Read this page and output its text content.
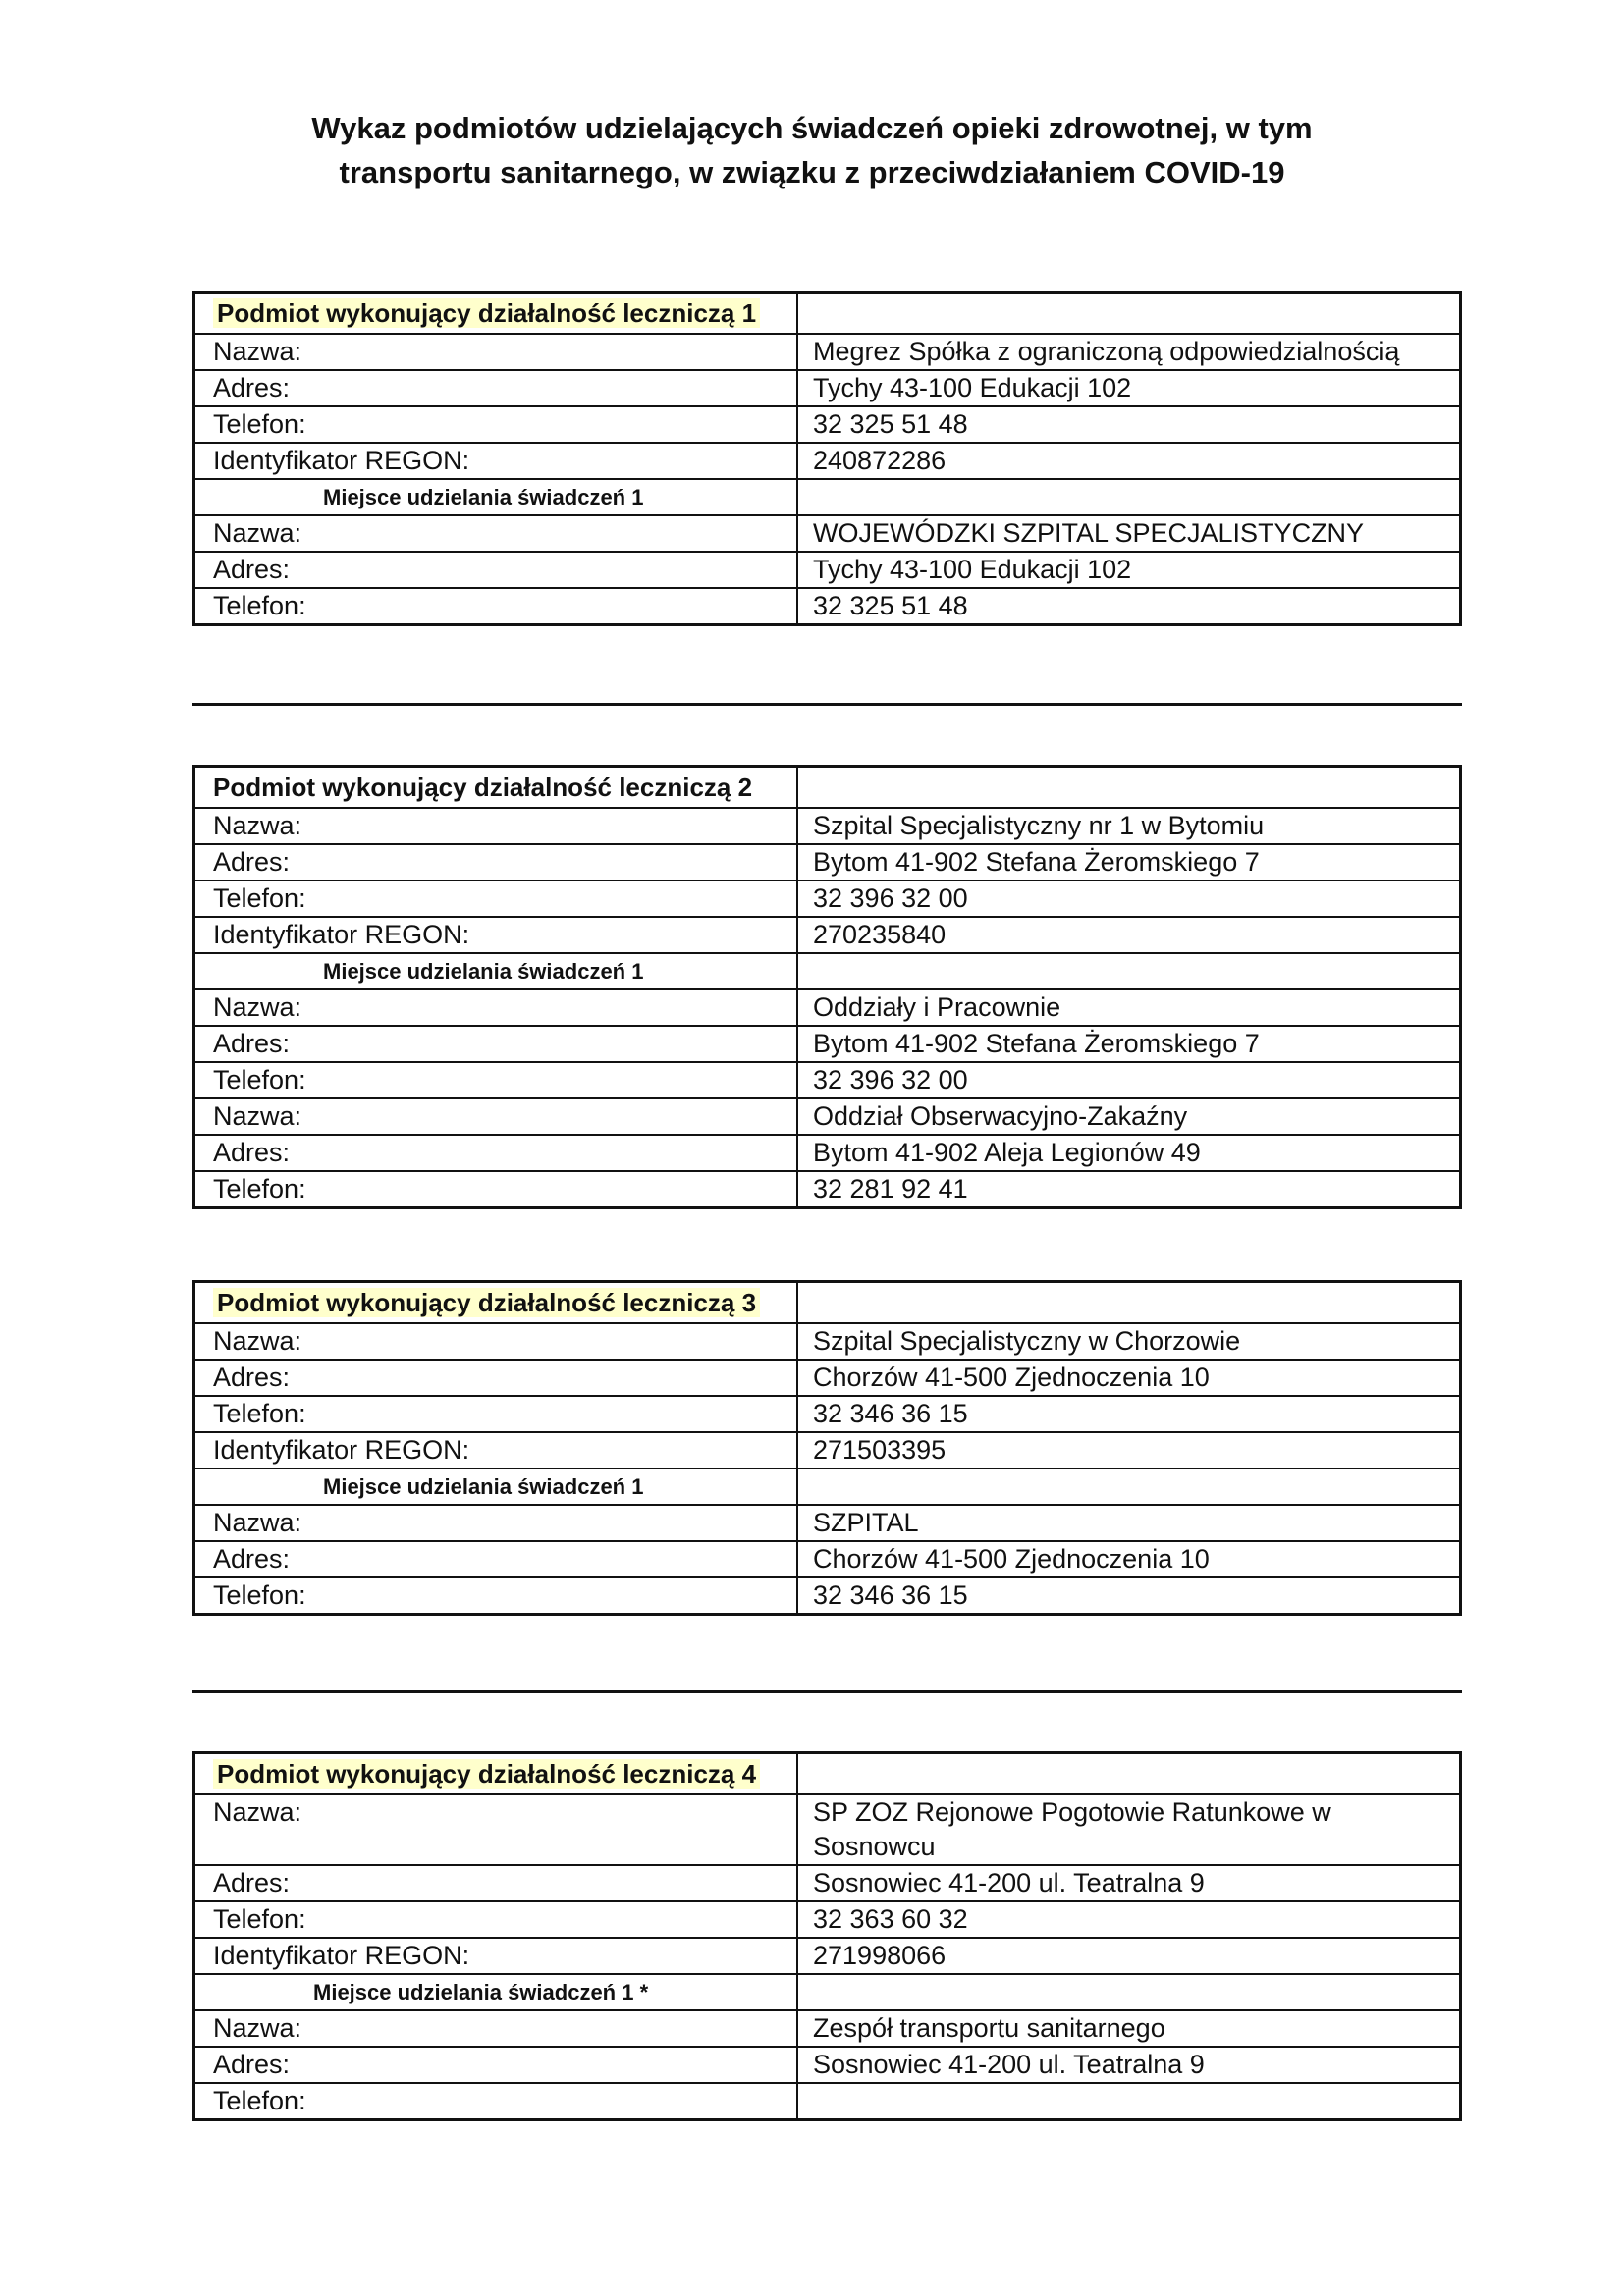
Wykaz podmiotów udzielających świadczeń opieki zdrowotnej, w tym
transportu sanitarnego, w związku z przeciwdziałaniem COVID-19
Podmiot wykonujący działalność leczniczą 1	
Nazwa:	Megrez Spółka z ograniczoną odpowiedzialnością
Adres:	Tychy 43-100 Edukacji 102
Telefon:	32 325 51 48
Identyfikator REGON:	240872286
Miejsce udzielania świadczeń 1	
Nazwa:	WOJEWÓDZKI SZPITAL SPECJALISTYCZNY
Adres:	Tychy 43-100 Edukacji 102
Telefon:	32 325 51 48
Podmiot wykonujący działalność leczniczą 2	
Nazwa:	Szpital Specjalistyczny nr 1 w Bytomiu
Adres:	Bytom 41-902 Stefana Żeromskiego 7
Telefon:	32 396 32 00
Identyfikator REGON:	270235840
Miejsce udzielania świadczeń 1	
Nazwa:	Oddziały i Pracownie
Adres:	Bytom 41-902 Stefana Żeromskiego 7
Telefon:	32 396 32 00
Nazwa:	Oddział Obserwacyjno-Zakaźny
Adres:	Bytom 41-902 Aleja Legionów 49
Telefon:	32 281 92 41
Podmiot wykonujący działalność leczniczą 3	
Nazwa:	Szpital Specjalistyczny w Chorzowie
Adres:	Chorzów 41-500 Zjednoczenia 10
Telefon:	32 346 36 15
Identyfikator REGON:	271503395
Miejsce udzielania świadczeń 1	
Nazwa:	SZPITAL
Adres:	Chorzów 41-500 Zjednoczenia 10
Telefon:	32 346 36 15
Podmiot wykonujący działalność leczniczą 4	
Nazwa:	SP ZOZ Rejonowe Pogotowie Ratunkowe w Sosnowcu
Adres:	Sosnowiec 41-200 ul. Teatralna 9
Telefon:	32 363 60 32
Identyfikator REGON:	271998066
Miejsce udzielania świadczeń 1 *	
Nazwa:	Zespół transportu sanitarnego
Adres:	Sosnowiec 41-200 ul. Teatralna 9
Telefon:	
